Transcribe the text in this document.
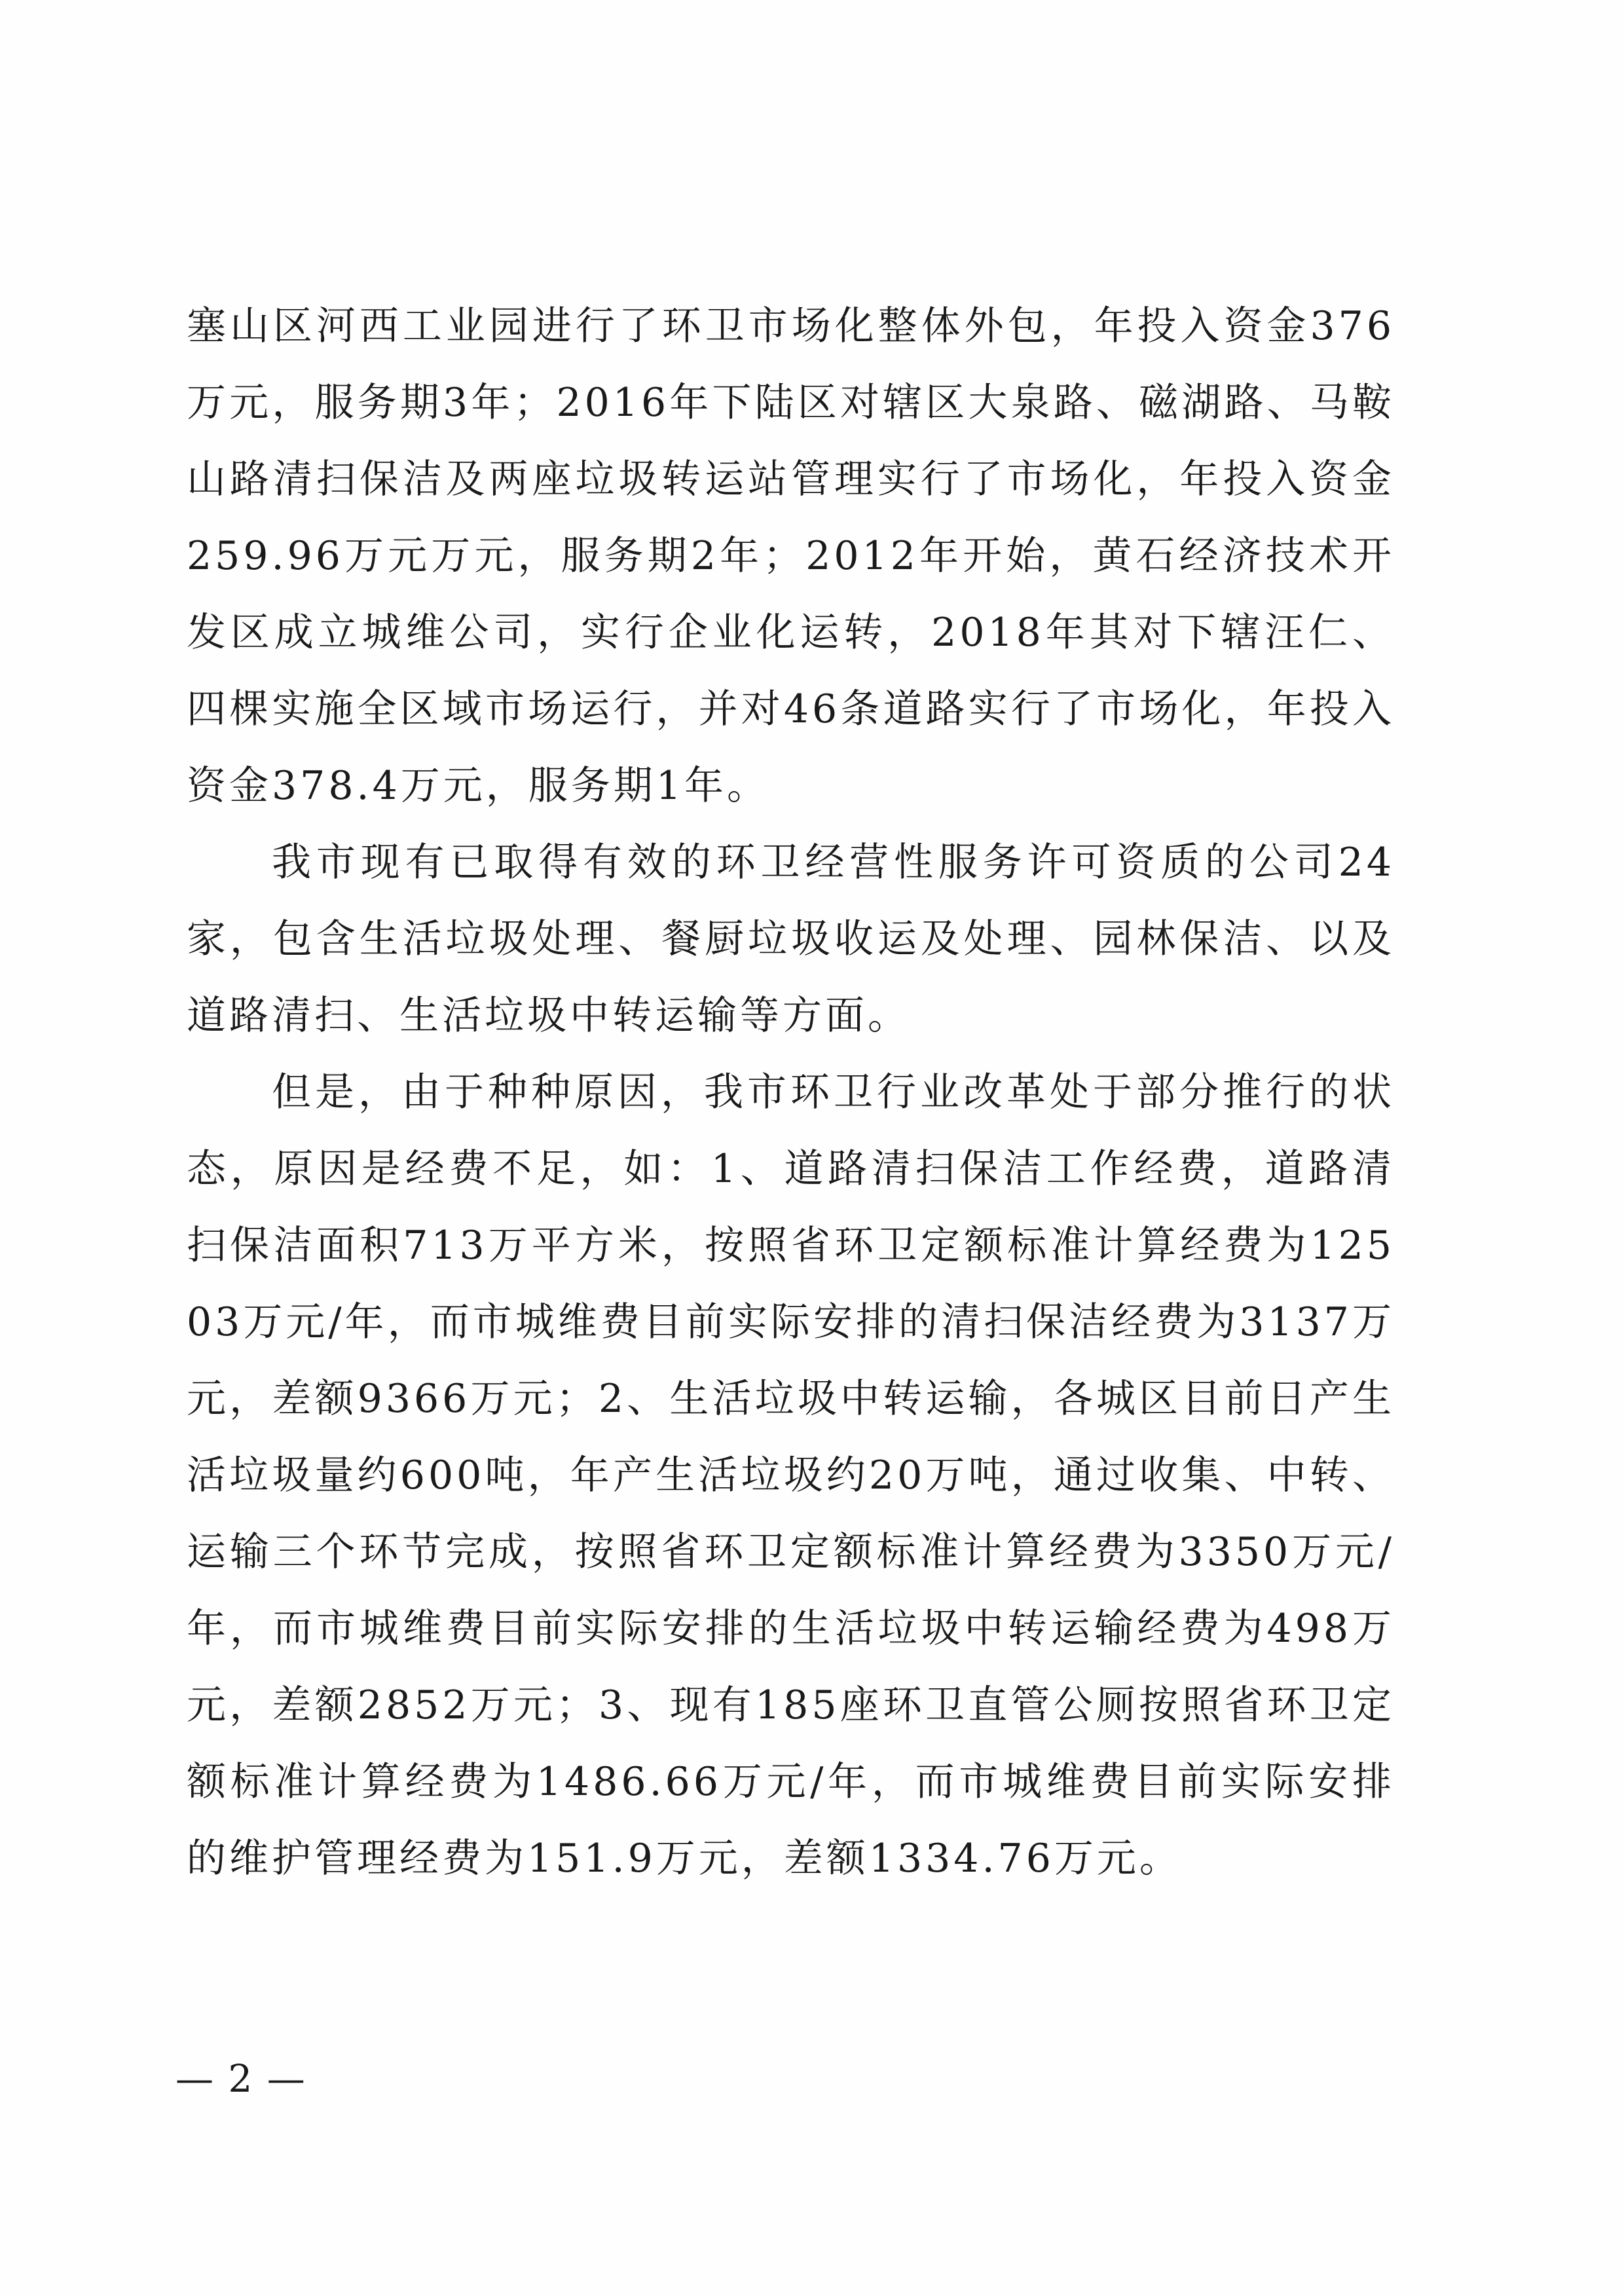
塞山区河西工业园进行了环卫市场化整体外包，年投入资金376万元，服务期3年；2016年下陆区对辖区大泉路、磁湖路、马鞍山路清扫保洁及两座垃圾转运站管理实行了市场化，年投入资金259.96万元万元，服务期2年；2012年开始，黄石经济技术开发区成立城维公司，实行企业化运转，2018年其对下辖汪仁、四棵实施全区域市场运行，并对46条道路实行了市场化，年投入资金378.4万元，服务期1年。

我市现有已取得有效的环卫经营性服务许可资质的公司24家，包含生活垃圾处理、餐厨垃圾收运及处理、园林保洁、以及道路清扫、生活垃圾中转运输等方面。

但是，由于种种原因，我市环卫行业改革处于部分推行的状态，原因是经费不足，如：1、道路清扫保洁工作经费，道路清扫保洁面积713万平方米，按照省环卫定额标准计算经费为12503万元/年，而市城维费目前实际安排的清扫保洁经费为3137万元，差额9366万元；2、生活垃圾中转运输，各城区目前日产生活垃圾量约600吨，年产生活垃圾约20万吨，通过收集、中转、运输三个环节完成，按照省环卫定额标准计算经费为3350万元/年，而市城维费目前实际安排的生活垃圾中转运输经费为498万元，差额2852万元；3、现有185座环卫直管公厕按照省环卫定额标准计算经费为1486.66万元/年，而市城维费目前实际安排的维护管理经费为151.9万元，差额1334.76万元。

— 2 —
